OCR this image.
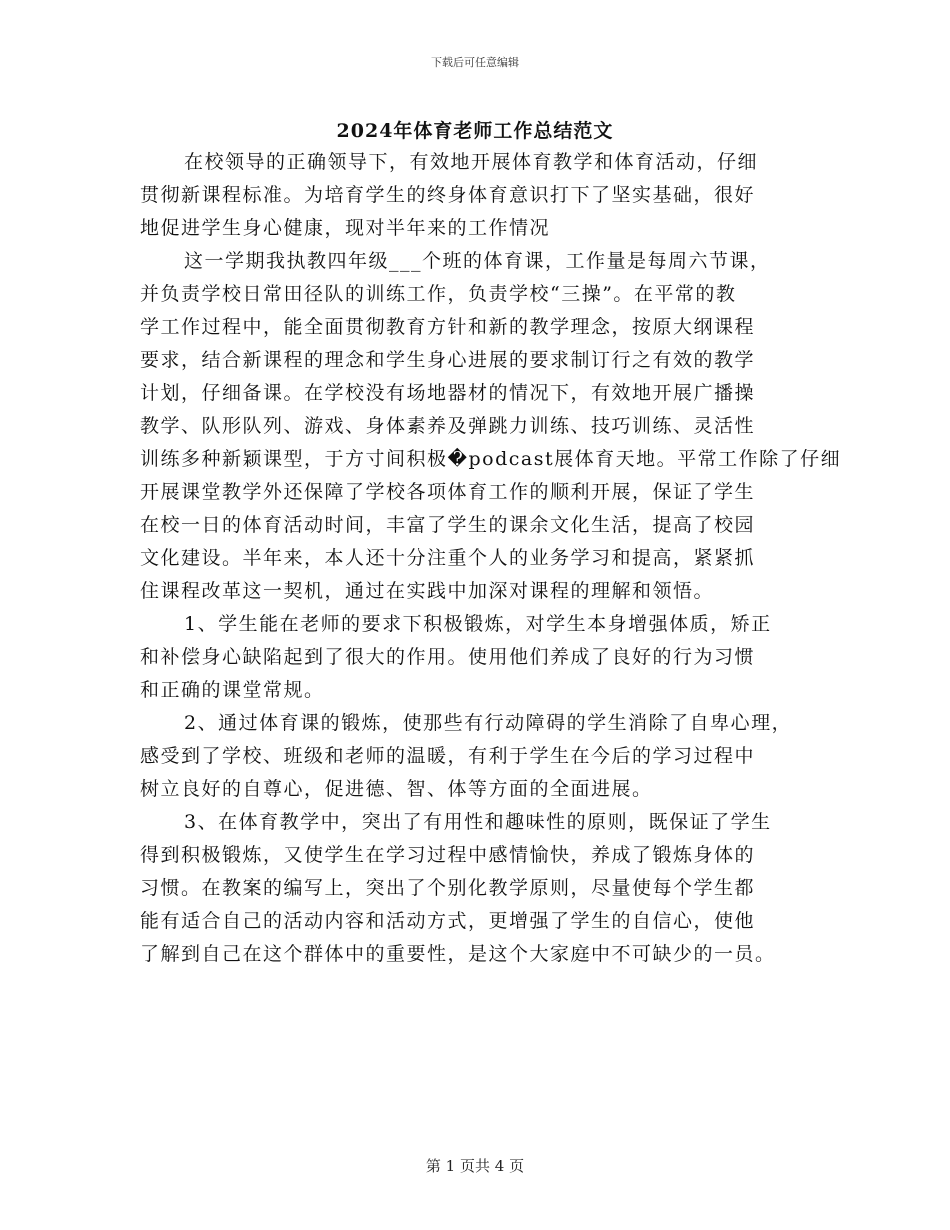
下载后可任意编辑
2024年体育老师工作总结范文
在校领导的正确领导下，有效地开展体育教学和体育活动，仔细
贯彻新课程标准。为培育学生的终身体育意识打下了坚实基础，很好
地促进学生身心健康，现对半年来的工作情况
这一学期我执教四年级___个班的体育课，工作量是每周六节课，
并负责学校日常田径队的训练工作，负责学校“三操”。在平常的教
学工作过程中，能全面贯彻教育方针和新的教学理念，按原大纲课程
要求，结合新课程的理念和学生身心进展的要求制订行之有效的教学
计划，仔细备课。在学校没有场地器材的情况下，有效地开展广播操
教学、队形队列、游戏、身体素养及弹跳力训练、技巧训练、灵活性
训练多种新颖课型，于方寸间积极�podcast展体育天地。平常工作除了仔细
开展课堂教学外还保障了学校各项体育工作的顺利开展，保证了学生
在校一日的体育活动时间，丰富了学生的课余文化生活，提高了校园
文化建设。半年来，本人还十分注重个人的业务学习和提高，紧紧抓
住课程改革这一契机，通过在实践中加深对课程的理解和领悟。
1、学生能在老师的要求下积极锻炼，对学生本身增强体质，矫正
和补偿身心缺陷起到了很大的作用。使用他们养成了良好的行为习惯
和正确的课堂常规。
2、通过体育课的锻炼，使那些有行动障碍的学生消除了自卑心理，
感受到了学校、班级和老师的温暖，有利于学生在今后的学习过程中
树立良好的自尊心，促进德、智、体等方面的全面进展。
3、在体育教学中，突出了有用性和趣味性的原则，既保证了学生
得到积极锻炼，又使学生在学习过程中感情愉快，养成了锻炼身体的
习惯。在教案的编写上，突出了个别化教学原则，尽量使每个学生都
能有适合自己的活动内容和活动方式，更增强了学生的自信心，使他
了解到自己在这个群体中的重要性，是这个大家庭中不可缺少的一员。
第 1 页共 4 页
